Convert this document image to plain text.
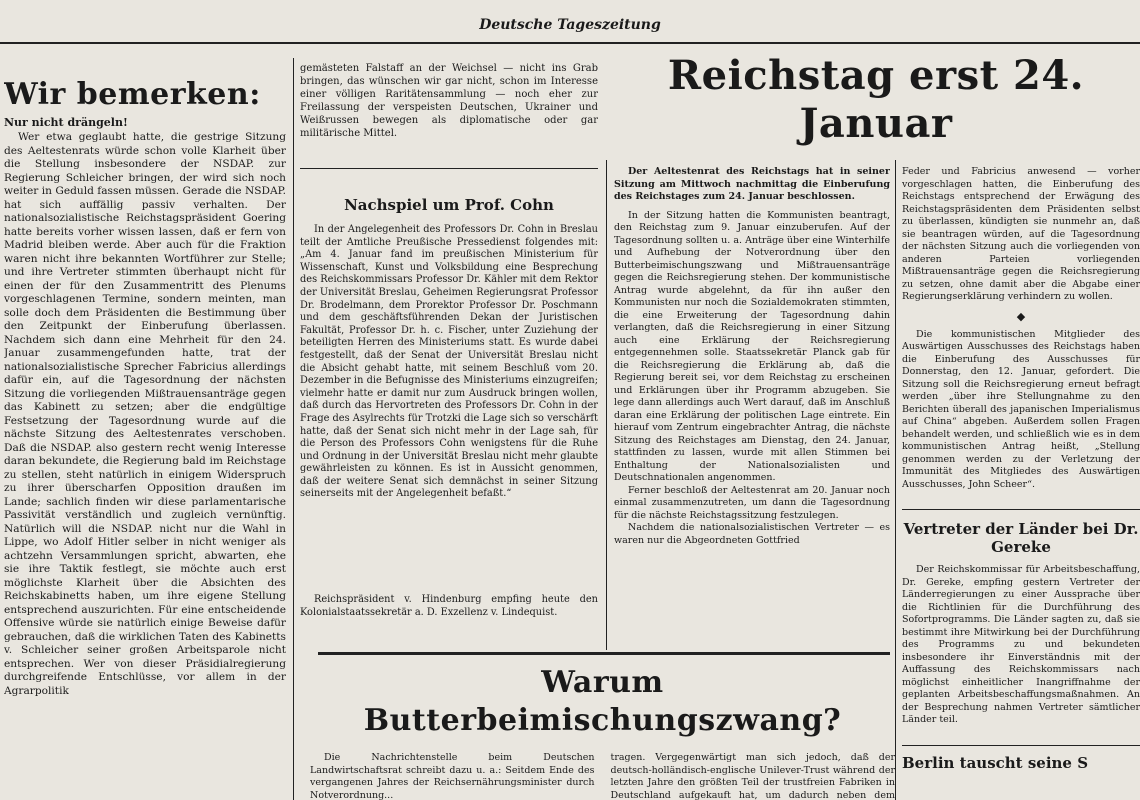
Deutsche Tageszeitung
Wir bemerken:
Nur nicht drängeln!

Wer etwa geglaubt hatte, die gestrige Sitzung des Aeltestenrats würde schon volle Klarheit über die Stellung insbesondere der NSDAP. zur Regierung Schleicher bringen, der wird sich noch weiter in Geduld fassen müssen. Gerade die NSDAP. hat sich auffällig passiv verhalten. Der nationalsozialistische Reichstagspräsident Goering hatte bereits vorher wissen lassen, daß er fern von Madrid bleiben werde. Aber auch für die Fraktion waren nicht ihre bekannten Wortführer zur Stelle; und ihre Vertreter stimmten überhaupt nicht für einen der für den Zusammentritt des Plenums vorgeschlagenen Termine, sondern meinten, man solle doch dem Präsidenten die Bestimmung über den Zeitpunkt der Einberufung überlassen. Nachdem sich dann eine Mehrheit für den 24. Januar zusammengefunden hatte, trat der nationalsozialistische Sprecher Fabricius allerdings dafür ein, auf die Tagesordnung der nächsten Sitzung die vorliegenden Mißtrauensanträge gegen das Kabinett zu setzen; aber die endgültige Festsetzung der Tagesordnung wurde auf die nächste Sitzung des Aeltestenrates verschoben. Daß die NSDAP. also gestern recht wenig Interesse daran bekundete, die Regierung bald im Reichstage zu stellen, steht natürlich in einigem Widerspruch zu ihrer überscharfen Opposition draußen im Lande; sachlich finden wir diese parlamentarische Passivität verständlich und zugleich vernünftig. Natürlich will die NSDAP. nicht nur die Wahl in Lippe, wo Adolf Hitler selber in nicht weniger als achtzehn Versammlungen spricht, abwarten, ehe sie ihre Taktik festlegt, sie möchte auch erst möglichste Klarheit über die Absichten des Reichskabinetts haben, um ihre eigene Stellung entsprechend auszurichten. Für eine entscheidende Offensive würde sie natürlich einige Beweise dafür gebrauchen, daß die wirklichen Taten des Kabinetts v. Schleicher seiner großen Arbeitsparole nicht entsprechen. Wer von dieser Präsidialregierung durchgreifende Entschlüsse, vor allem in der Agrarpolitik

gemästeten Falstaff an der Weichsel — nicht ins Grab bringen, das wünschen wir gar nicht, schon im Interesse einer völligen Raritätensammlung — noch eher zur Freilassung der verspeisten Deutschen, Ukrainer und Weißrussen bewegen als diplomatische oder gar militärische Mittel.

Nachspiel um Prof. Cohn

In der Angelegenheit des Professors Dr. Cohn in Breslau teilt der Amtliche Preußische Pressedienst folgendes mit: „Am 4. Januar fand im preußischen Ministerium für Wissenschaft, Kunst und Volksbildung eine Besprechung des Reichskommissars Professor Dr. Kähler mit dem Rektor der Universität Breslau, Geheimen Regierungsrat Professor Dr. Brodelmann, dem Prorektor Professor Dr. Poschmann und dem geschäftsführenden Dekan der Juristischen Fakultät, Professor Dr. h. c. Fischer, unter Zuziehung der beteiligten Herren des Ministeriums statt. Es wurde dabei festgestellt, daß der Senat der Universität Breslau nicht die Absicht gehabt hatte, mit seinem Beschluß vom 20. Dezember in die Befugnisse des Ministeriums einzugreifen; vielmehr hatte er damit nur zum Ausdruck bringen wollen, daß durch das Hervortreten des Professors Dr. Cohn in der Frage des Asylrechts für Trotzki die Lage sich so verschärft hatte, daß der Senat sich nicht mehr in der Lage sah, für die Person des Professors Cohn wenigstens für die Ruhe und Ordnung in der Universität Breslau nicht mehr glaubte gewährleisten zu können. Es ist in Aussicht genommen, daß der weitere Senat sich demnächst in seiner Sitzung seinerseits mit der Angelegenheit befaßt.“

Reichspräsident v. Hindenburg empfing heute den Kolonialstaatssekretär a. D. Exzellenz v. Lindequist.

Reichstag erst 24. Januar

Der Aeltestenrat des Reichstags hat in seiner Sitzung am Mittwoch nachmittag die Einberufung des Reichstages zum 24. Januar beschlossen.

In der Sitzung hatten die Kommunisten beantragt, den Reichstag zum 9. Januar einzuberufen. Auf der Tagesordnung sollten u. a. Anträge über eine Winterhilfe und Aufhebung der Notverordnung über den Butterbeimischungszwang und Mißtrauensanträge gegen die Reichsregierung stehen. Der kommunistische Antrag wurde abgelehnt, da für ihn außer den Kommunisten nur noch die Sozialdemokraten stimmten, die eine Erweiterung der Tagesordnung dahin verlangten, daß die Reichsregierung in einer Sitzung auch eine Erklärung der Reichsregierung entgegennehmen solle. Staatssekretär Planck gab für die Reichsregierung die Erklärung ab, daß die Regierung bereit sei, vor dem Reichstag zu erscheinen und Erklärungen über ihr Programm abzugeben. Sie lege dann allerdings auch Wert darauf, daß im Anschluß daran eine Erklärung der politischen Lage eintrete. Ein hierauf vom Zentrum eingebrachter Antrag, die nächste Sitzung des Reichstages am Dienstag, den 24. Januar, stattfinden zu lassen, wurde mit allen Stimmen bei Enthaltung der Nationalsozialisten und Deutschnationalen angenommen.

Ferner beschloß der Aeltestenrat am 20. Januar noch einmal zusammenzutreten, um dann die Tagesordnung für die nächste Reichstagssitzung festzulegen.

Nachdem die nationalsozialistischen Vertreter — es waren nur die Abgeordneten Gottfried

Feder und Fabricius anwesend — vorher vorgeschlagen hatten, die Einberufung des Reichstags entsprechend der Erwägung des Reichstagspräsidenten dem Präsidenten selbst zu überlassen, kündigten sie nunmehr an, daß sie beantragen würden, auf die Tagesordnung der nächsten Sitzung auch die vorliegenden von anderen Parteien vorliegenden Mißtrauensanträge gegen die Reichsregierung zu setzen, ohne damit aber die Abgabe einer Regierungserklärung verhindern zu wollen.

◆

Die kommunistischen Mitglieder des Auswärtigen Ausschusses des Reichstags haben die Einberufung des Ausschusses für Donnerstag, den 12. Januar, gefordert. Die Sitzung soll die Reichsregierung erneut befragt werden „über ihre Stellungnahme zu den Berichten überall des japanischen Imperialismus auf China“ abgeben. Außerdem sollen Fragen behandelt werden, und schließlich wie es in dem kommunistischen Antrag heißt, „Stellung genommen werden zu der Verletzung der Immunität des Mitgliedes des Auswärtigen Ausschusses, John Scheer“.

Vertreter der Länder bei Dr. Gereke

Der Reichskommissar für Arbeitsbeschaffung, Dr. Gereke, empfing gestern Vertreter der Länderregierungen zu einer Aussprache über die Richtlinien für die Durchführung des Sofortprogramms. Die Länder sagten zu, daß sie bestimmt ihre Mitwirkung bei der Durchführung des Programms zu und bekundeten insbesondere ihr Einverständnis mit der Auffassung des Reichskommissars nach möglichst einheitlicher Inangriffnahme der geplanten Arbeitsbeschaffungsmaßnahmen. An der Besprechung nahmen Vertreter sämtlicher Länder teil.

Berlin tauscht seine S
Warum Butterbeimischungszwang?

Die Nachrichtenstelle beim Deutschen Landwirtschaftsrat schreibt dazu u. a.: Seitdem Ende des vergangenen Jahres der Reichsernährungsminister durch Notverordnung...

tragen. Vergegenwärtigt man sich jedoch, daß der deutsch-holländisch-englische Unilever-Trust während der letzten Jahre den größten Teil der trustfreien Fabriken in Deutschland aufgekauft hat, um dadurch neben dem
